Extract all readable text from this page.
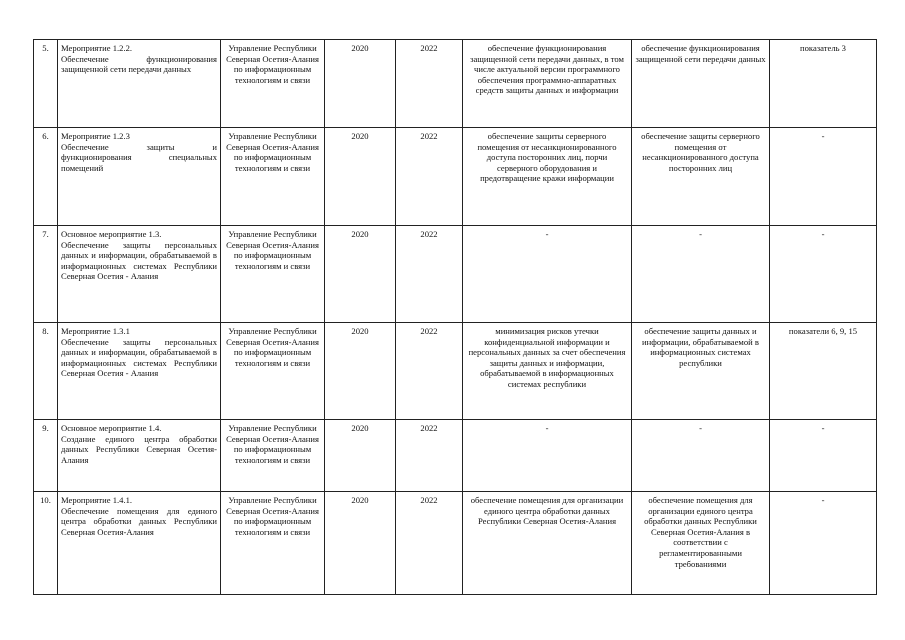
5.	Мероприятие 1.2.2.
Обеспечение функционирования защищенной сети передачи данных	Управление Республики Северная Осетия-Алания по информационным технологиям и связи	2020	2022	обеспечение функционирования защищенной сети передачи данных, в том числе актуальной версии программного обеспечения программно-аппаратных средств защиты данных и информации	обеспечение функционирования защищенной сети передачи данных	показатель 3
6.	Мероприятие 1.2.3
Обеспечение защиты и функционирования специальных помещений	Управление Республики Северная Осетия-Алания по информационным технологиям и связи	2020	2022	обеспечение защиты серверного помещения от несанкционированного доступа посторонних лиц, порчи серверного оборудования и предотвращение кражи информации	обеспечение защиты серверного помещения от несанкционированного доступа посторонних лиц	-
7.	Основное мероприятие 1.3.
Обеспечение защиты персональных данных и информации, обрабатываемой в информационных системах Республики Северная Осетия - Алания	Управление Республики Северная Осетия-Алания по информационным технологиям и связи	2020	2022	-	-	-
8.	Мероприятие 1.3.1
Обеспечение защиты персональных данных и информации, обрабатываемой в информационных системах Республики Северная Осетия - Алания	Управление Республики Северная Осетия-Алания по информационным технологиям и связи	2020	2022	минимизация рисков утечки конфиденциальной информации и персональных данных за счет обеспечения защиты данных и информации, обрабатываемой в информационных системах республики	обеспечение защиты данных и информации, обрабатываемой в информационных системах республики	показатели 6, 9, 15
9.	Основное мероприятие 1.4.
Создание единого центра обработки данных Республики Северная Осетия-Алания	Управление Республики Северная Осетия-Алания по информационным технологиям и связи	2020	2022	-	-	-
10.	Мероприятие 1.4.1.
Обеспечение помещения для единого центра обработки данных Республики Северная Осетия-Алания	Управление Республики Северная Осетия-Алания по информационным технологиям и связи	2020	2022	обеспечение помещения для организации единого центра обработки данных Республики Северная Осетия-Алания	обеспечение помещения для организации единого центра обработки данных Республики Северная Осетия-Алания в соответствии с регламентированными требованиями	-
